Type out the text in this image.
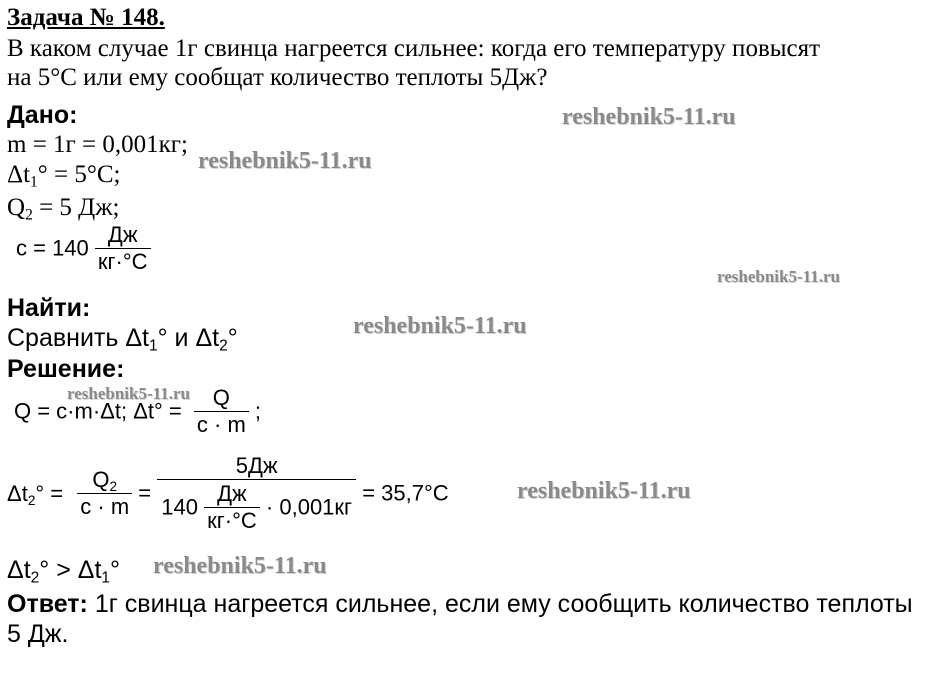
Задача № 148.
В каком случае 1г свинца нагреется сильнее: когда его температуру повысят
на 5°С или ему сообщат количество теплоты 5Дж?
Дано:
m = 1г = 0,001кг;
$\Delta t_1^\circ = 5^\circ С$;
$Q_2 = 5$ Дж;
$c = 140 \frac{Дж}{кг\cdot^\circ C}$
Найти:
Сравнить $\Delta t_1^\circ$ и $\Delta t_2^\circ$
Решение:
Q = c·m·Δt; $\Delta t^\circ = \frac{Q}{c \cdot m}$ ;
$\Delta t_2^\circ = \frac{Q_2}{c \cdot m} = \frac{5Дж}{140 \frac{Дж}{кг\cdot^\circ C} \cdot 0,001кг} = 35,7^\circ С$
$\Delta t_2^\circ > \Delta t_1^\circ$
Ответ: 1г свинца нагреется сильнее, если ему сообщить количество теплоты
5 Дж.
reshebnik5-11.ru
reshebnik5-11.ru
reshebnik5-11.ru
reshebnik5-11.ru
reshebnik5-11.ru
reshebnik5-11.ru
reshebnik5-11.ru
